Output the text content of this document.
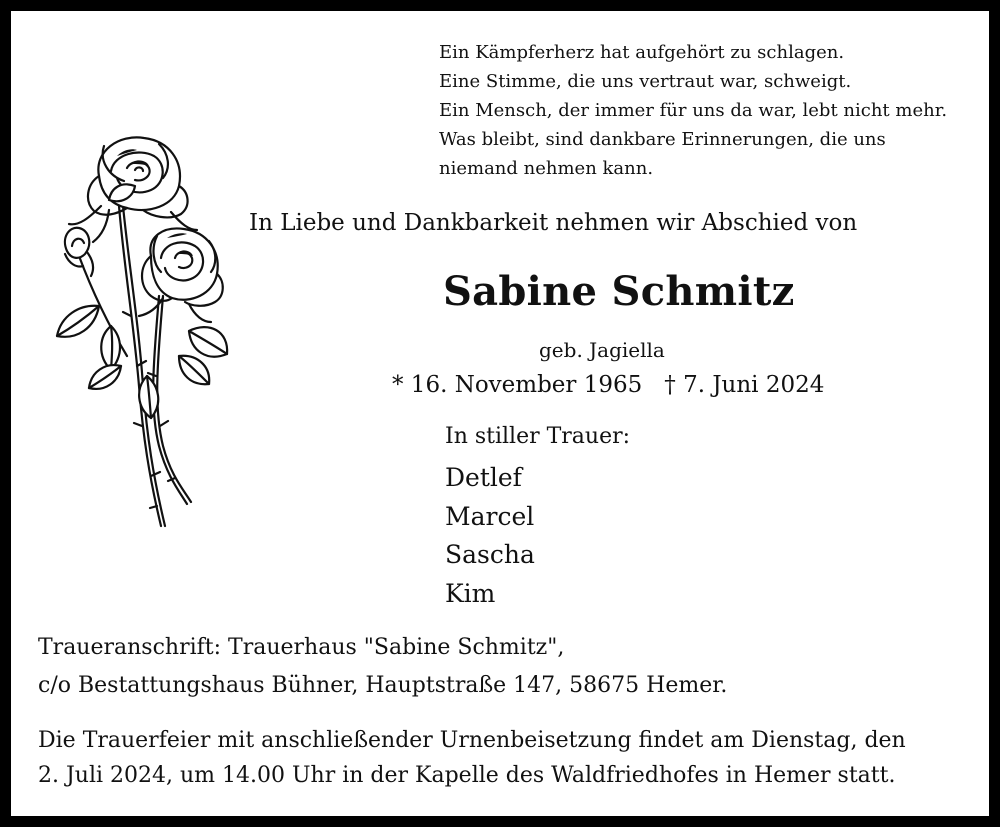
Ein Kämpferherz hat aufgehört zu schlagen.
Eine Stimme, die uns vertraut war, schweigt.
Ein Mensch, der immer für uns da war, lebt nicht mehr.
Was bleibt, sind dankbare Erinnerungen, die uns
niemand nehmen kann.
In Liebe und Dankbarkeit nehmen wir Abschied von
Sabine Schmitz
geb. Jagiella
* 16. November 1965 † 7. Juni 2024
In stiller Trauer:
Detlef
Marcel
Sascha
Kim
Traueranschrift: Trauerhaus "Sabine Schmitz",
c/o Bestattungshaus Bühner, Hauptstraße 147, 58675 Hemer.
Die Trauerfeier mit anschließender Urnenbeisetzung findet am Dienstag, den
2. Juli 2024, um 14.00 Uhr in der Kapelle des Waldfriedhofes in Hemer statt.
